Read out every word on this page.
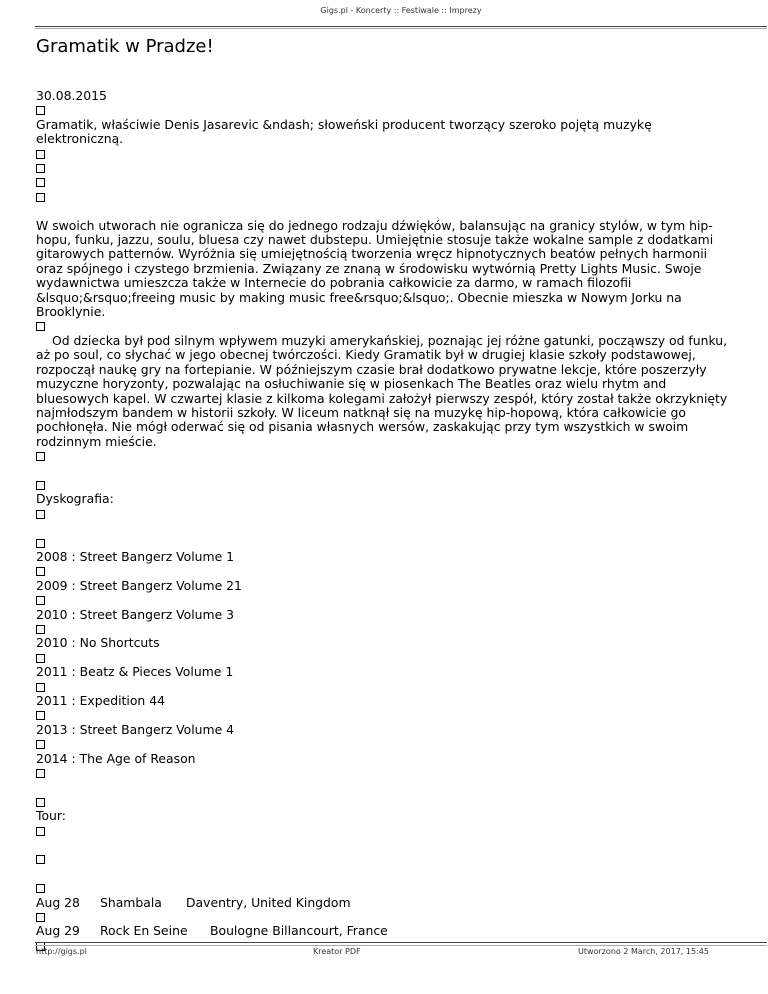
Gigs.pl - Koncerty :: Festiwale :: Imprezy
Gramatik w Pradze!
30.08.2015
Gramatik, właściwie Denis Jasarevic &ndash; słoweński producent tworzący szeroko pojętą muzykę elektroniczną.
W swoich utworach nie ogranicza się do jednego rodzaju dźwięków, balansując na granicy stylów, w tym hip-hopu, funku, jazzu, soulu, bluesa czy nawet dubstepu. Umiejętnie stosuje także wokalne sample z dodatkami gitarowych patternów. Wyróżnia się umiejętnością tworzenia wręcz hipnotycznych beatów pełnych harmonii oraz spójnego i czystego brzmienia. Związany ze znaną w środowisku wytwórnią Pretty Lights Music. Swoje wydawnictwa umieszcza także w Internecie do pobrania całkowicie za darmo, w ramach filozofii &lsquo;&rsquo;freeing music by making music free&rsquo;&lsquo;. Obecnie mieszka w Nowym Jorku na Brooklynie.
Od dziecka był pod silnym wpływem muzyki amerykańskiej, poznając jej różne gatunki, począwszy od funku, aż po soul, co słychać w jego obecnej twórczości. Kiedy Gramatik był w drugiej klasie szkoły podstawowej, rozpoczął naukę gry na fortepianie. W późniejszym czasie brał dodatkowo prywatne lekcje, które poszerzyły muzyczne horyzonty, pozwalając na osłuchiwanie się w piosenkach The Beatles oraz wielu rhytm and bluesowych kapel. W czwartej klasie z kilkoma kolegami założył pierwszy zespół, który został także okrzyknięty najmłodszym bandem w historii szkoły. W liceum natknął się na muzykę hip-hopową, która całkowicie go pochłonęła. Nie mógł oderwać się od pisania własnych wersów, zaskakując przy tym wszystkich w swoim rodzinnym mieście.
Dyskografia:
2008 : Street Bangerz Volume 1
2009 : Street Bangerz Volume 21
2010 : Street Bangerz Volume 3
2010 : No Shortcuts
2011 : Beatz & Pieces Volume 1
2011 : Expedition 44
2013 : Street Bangerz Volume 4
2014 : The Age of Reason
Tour:
Aug 28 Shambala Daventry, United Kingdom
Aug 29 Rock En Seine Boulogne Billancourt, France
http://gigs.pl	Kreator PDF	Utworzono 2 March, 2017, 15:45
